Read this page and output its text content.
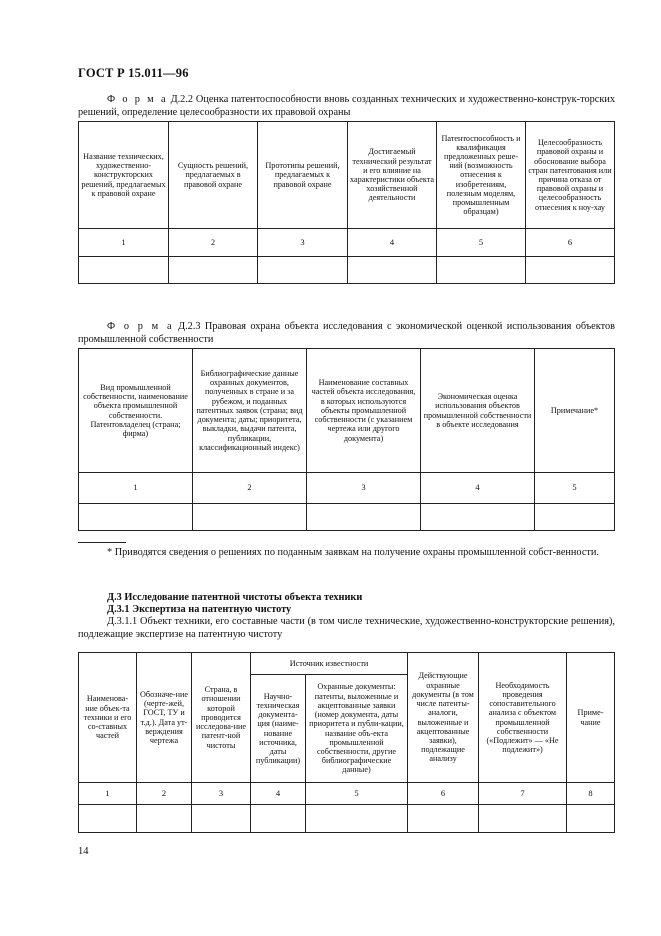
ГОСТ Р 15.011—96
Ф о р м а Д.2.2 Оценка патентоспособности вновь созданных технических и художественно-конструк-торских решений, определение целесообразности их правовой охраны
Название технических, художественно-конструкторских решений, предлагаемых к правовой охране	Сущность решений, предлагаемых в правовой охране	Прототипы решений, предлагаемых к правовой охране	Достигаемый технический результат и его влияние на характеристики объекта хозяйственной деятельности	Патентоспособность и квалификация предложенных реше-ний (возможность отнесения к изобретениям, полезным моделям, промышленным образцам)	Целесообразность правовой охраны и обоснование выбора стран патентования или причина отказа от правовой охраны и целесообразность отнесения к ноу-хау
1	2	3	4	5	6

Ф о р м а Д.2.3 Правовая охрана объекта исследования с экономической оценкой использования объектов промышленной собственности
Вид промышленной собственности, наименование объекта промышленной собственности. Патентовладелец (страна; фирма)	Библиографические данные охранных документов, полученных в стране и за рубежом, и поданных патентных заявок (страна; вид документа; даты; приоритета, выкладки, выдачи патента, публикации, классификационный индекс)	Наименование составных частей объекта исследования, в которых используются объекты промышленной собственности (с указанием чертежа или другого документа)	Экономическая оценка использования объектов промышленной собственности в объекте исследования	Примечание*
1	2	3	4	5

* Приводятся сведения о решениях по поданным заявкам на получение охраны промышленной собст-венности.
Д.3 Исследование патентной чистоты объекта техники
Д.3.1 Экспертиза на патентную чистоту
Д.3.1.1 Объект техники, его составные части (в том числе технические, художественно-конструкторские решения), подлежащие экспертизе на патентную чистоту
Наименова-ние объек-та техники и его со-ставных частей	Обозначе-ние (черте-жей, ГОСТ, ТУ и т.д.). Дата ут-верждения чертежа	Страна, в отношении которой проводится исследова-ние патент-ной чистоты	Источник известности		Действующие охранные документы (в том числе патенты-аналоги, выложенные и акцептованные заявки), подлежащие анализу	Необходимость проведения сопоставительного анализа с объектом промышленной собственности («Подлежит» — «Не подлежит»)	Приме-чание
			Научно-техническая документа-ция (наиме-нование источника, даты публикации)	Охранные документы: патенты, выложенные и акцептованные заявки (номер документа, даты приоритета и публи-кации, название объ-екта промышленной собственности, другие библиографические данные)			
1	2	3	4	5	6	7	8

14
